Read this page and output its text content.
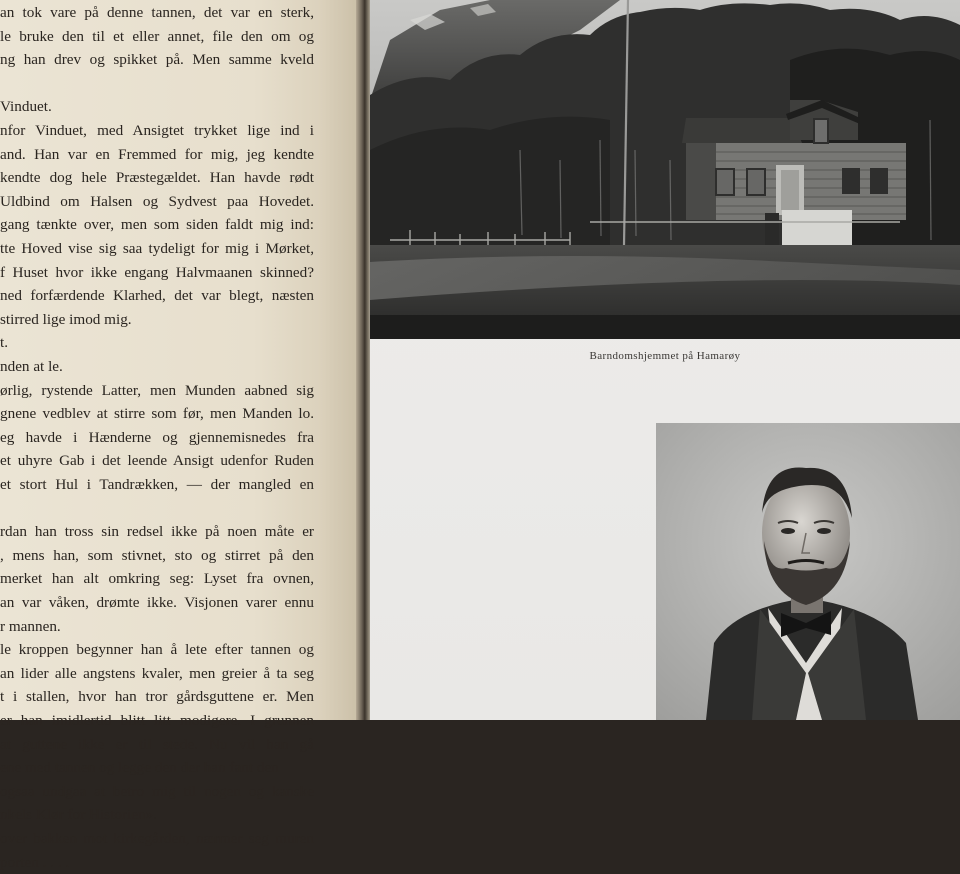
an tok vare på denne tannen, det var en sterk,
le bruke den til et eller annet, file den om og
ng han drev og spikket på. Men samme kveld
Vinduet.
nfor Vinduet, med Ansigtet trykket lige ind i
and. Han var en Fremmed for mig, jeg kendte
kendte dog hele Præstegældet. Han havde rødt
Uldbind om Halsen og Sydvest paa Hovedet.
gang tænkte over, men som siden faldt mig ind:
tte Hoved vise sig saa tydeligt for mig i Mørket,
f Huset hvor ikke engang Halvmaanen skinned?
ned forfærdende Klarhed, det var blegt, næsten
stirred lige imod mig.
t.
nden at le.
ørlig, rystende Latter, men Munden aabned sig
gnene vedblev at stirre som før, men Manden lo.
eg havde i Hænderne og gjennemisnedes fra
et uhyre Gab i det leende Ansigt udenfor Ruden
et stort Hul i Tandrækken, — der mangled en
rdan han tross sin redsel ikke på noen måte er
, mens han, som stivnet, sto og stirret på den
merket han alt omkring seg: Lyset fra ovnen,
an var våken, drømte ikke. Visjonen varer ennu
r mannen.
le kroppen begynner han å lete efter tannen og
an lider alle angstens kvaler, men greier å ta seg
t i stallen, hvor han tror gårdsguttene er. Men
er han imidlertid blitt litt modigere. I grunnen
at guttene ikke er til stede. Nu vil han gå
ene med tannen og legge den der han fant den
ogsaa undgaa at betro mig til nogen og kanske
nkels Klør for Historien».
over bakken mot kirkegården, nærmer seg muren
porten . . . .
Barndomshjemmet på Hamarøy
